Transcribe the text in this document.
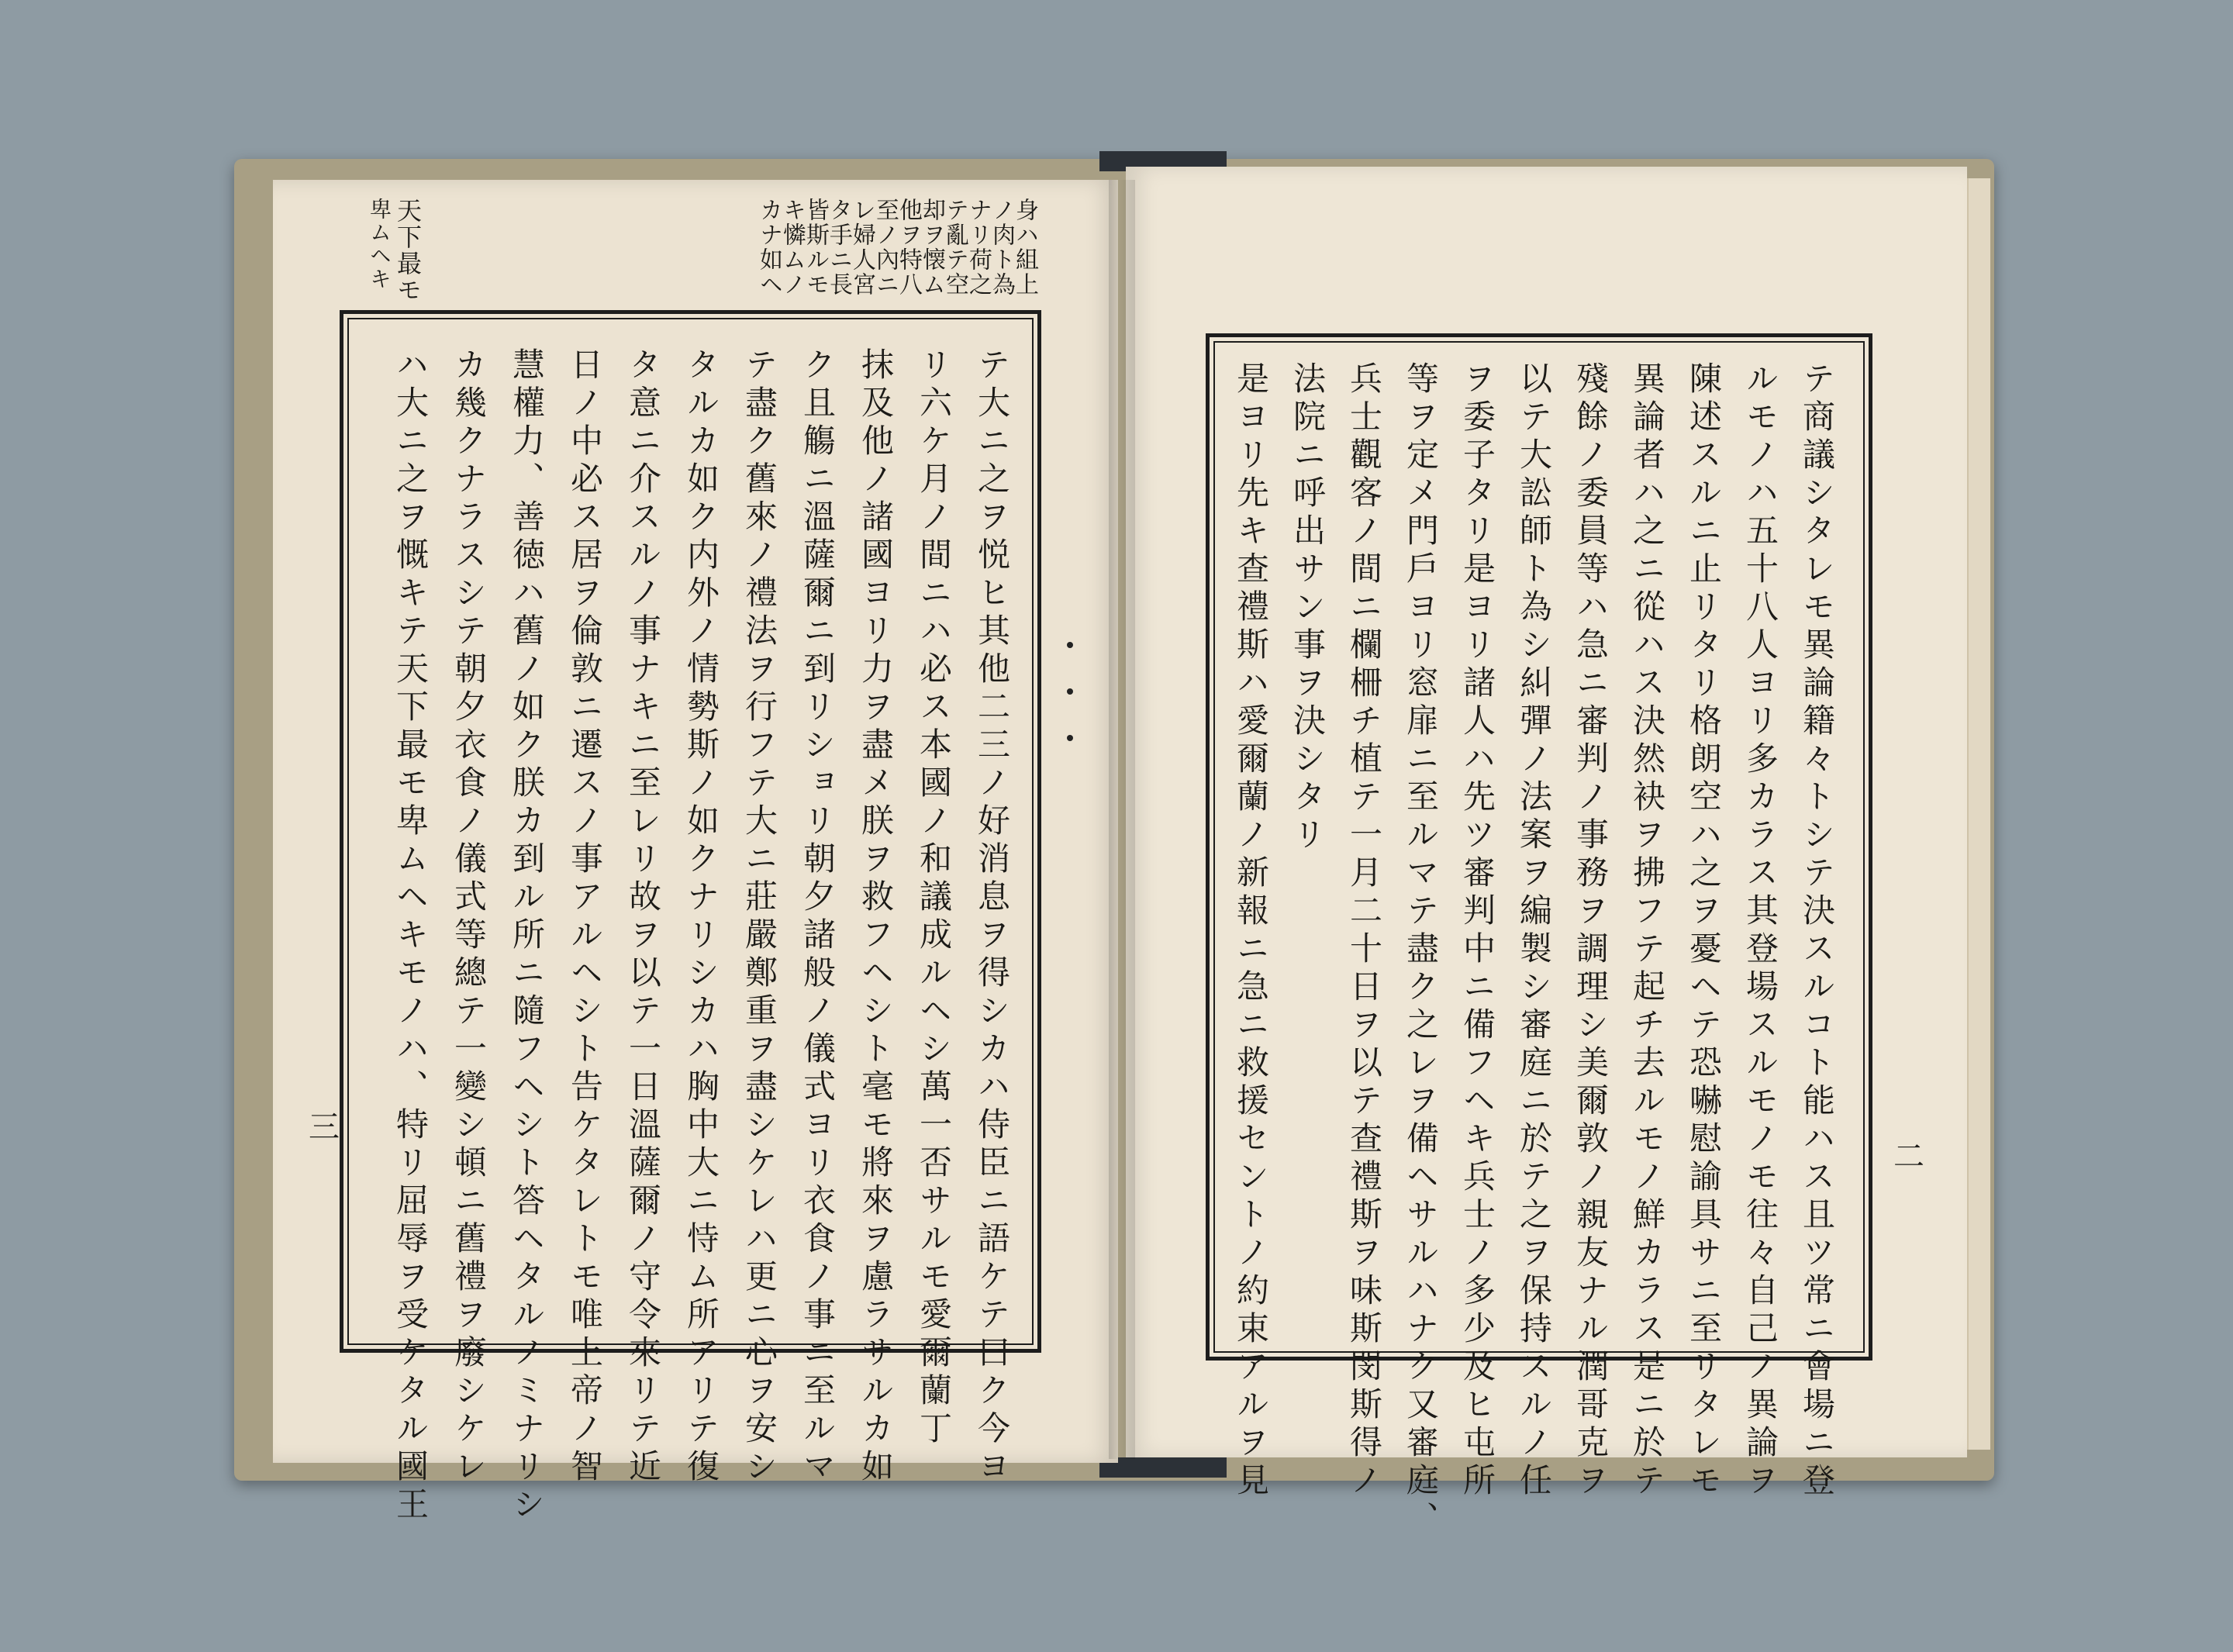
身ハ組上
ノ肉ト為
ナリ荷之
テ亂テ空
却ヲ懐ム
他ヲ特八
至ノ內ニ
レ婦人宮
タ手ニ長
皆斯ルモ
キ憐ムノ
カナ如ヘ
天下最モ
卑ムヘキ
テ大ニ之ヲ悦ヒ其他二三ノ好消息ヲ得シカハ侍臣ニ語ケテ曰ク今ヨ
リ六ケ月ノ間ニハ必ス本國ノ和議成ルヘシ萬一否サルモ愛爾蘭丁
抹及他ノ諸國ヨリ力ヲ盡メ朕ヲ救フヘシト毫モ將來ヲ慮ラサルカ如
ク且觴ニ溫薩爾ニ到リショリ朝夕諸般ノ儀式ヨリ衣食ノ事ニ至ルマ
テ盡ク舊來ノ禮法ヲ行フテ大ニ莊嚴鄭重ヲ盡シケレハ更ニ心ヲ安シ
タルカ如ク内外ノ情勢斯ノ如クナリシカハ胸中大ニ恃ム所アリテ復
タ意ニ介スルノ事ナキニ至レリ故ヲ以テ一日溫薩爾ノ守令來リテ近
日ノ中必ス居ヲ倫敦ニ遷スノ事アルヘシト告ケタレトモ唯上帝ノ智
慧權力、善徳ハ舊ノ如ク朕カ到ル所ニ隨フヘシト答ヘタルノミナリシ
カ幾クナラスシテ朝夕衣食ノ儀式等總テ一變シ頓ニ舊禮ヲ廢シケレ
ハ大ニ之ヲ慨キテ天下最モ卑ムヘキモノハ、特リ屈辱ヲ受ケタル國王
三	テ商議シタレモ異論籍々トシテ決スルコト能ハス且ツ常ニ會場ニ登
ルモノハ五十八人ヨリ多カラス其登場スルモノモ往々自己ノ異論ヲ
陳述スルニ止リタリ格朗空ハ之ヲ憂ヘテ恐嚇慰諭具サニ至リタレモ
異論者ハ之ニ從ハス決然袂ヲ拂フテ起チ去ルモノ鮮カラス是ニ於テ
殘餘ノ委員等ハ急ニ審判ノ事務ヲ調理シ美爾敦ノ親友ナル潤哥克ヲ
以テ大訟師ト為シ糾彈ノ法案ヲ編製シ審庭ニ於テ之ヲ保持スルノ任
ヲ委子タリ是ヨリ諸人ハ先ツ審判中ニ備フヘキ兵士ノ多少及ヒ屯所
等ヲ定メ門戶ヨリ窓扉ニ至ルマテ盡ク之レヲ備ヘサルハナク又審庭、
兵士觀客ノ間ニ欄柵チ植テ一月二十日ヲ以テ查禮斯ヲ味斯閔斯得ノ
法院ニ呼出サン事ヲ決シタリ
是ヨリ先キ查禮斯ハ愛爾蘭ノ新報ニ急ニ救援セントノ約束アルヲ見	二
